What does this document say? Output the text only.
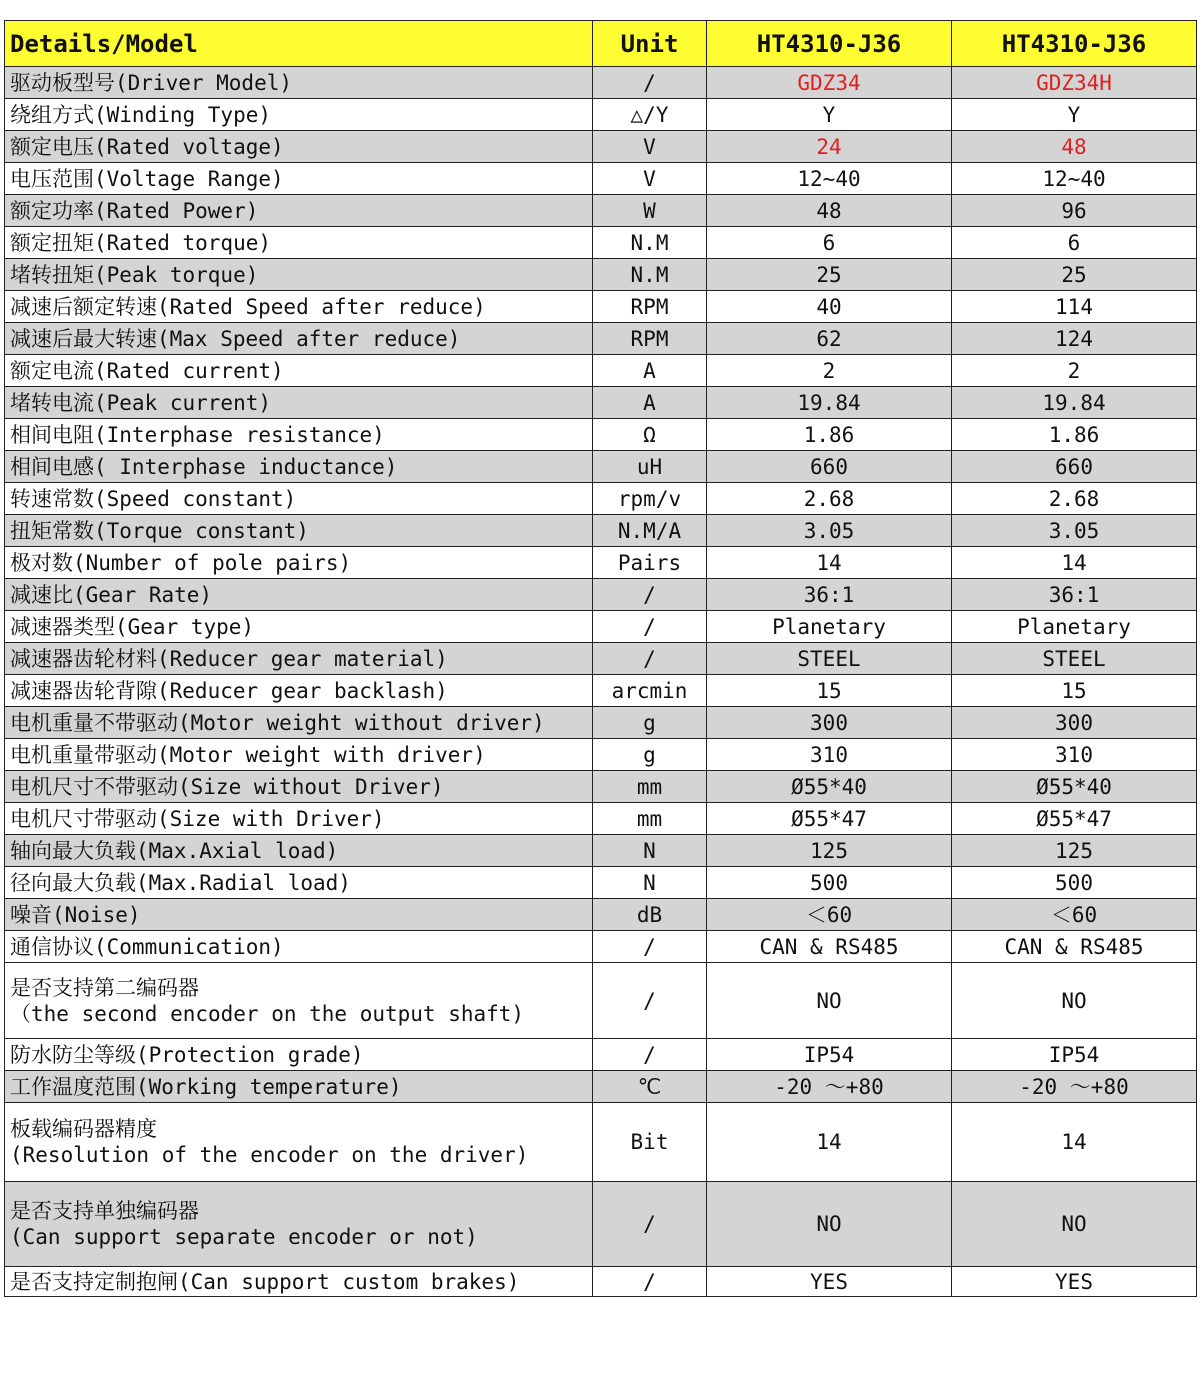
Details/Model	Unit	HT4310-J36	HT4310-J36
驱动板型号(Driver Model)	/	GDZ34	GDZ34H
绕组方式(Winding Type)	△/Y	Y	Y
额定电压(Rated voltage)	V	24	48
电压范围(Voltage Range)	V	12~40	12~40
额定功率(Rated Power)	W	48	96
额定扭矩(Rated torque)	N.M	6	6
堵转扭矩(Peak torque)	N.M	25	25
减速后额定转速(Rated Speed after reduce)	RPM	40	114
减速后最大转速(Max Speed after reduce)	RPM	62	124
额定电流(Rated current)	A	2	2
堵转电流(Peak current)	A	19.84	19.84
相间电阻(Interphase resistance)	Ω	1.86	1.86
相间电感( Interphase inductance)	uH	660	660
转速常数(Speed constant)	rpm/v	2.68	2.68
扭矩常数(Torque constant)	N.M/A	3.05	3.05
极对数(Number of pole pairs)	Pairs	14	14
减速比(Gear Rate)	/	36:1	36:1
减速器类型(Gear type)	/	Planetary	Planetary
减速器齿轮材料(Reducer gear material)	/	STEEL	STEEL
减速器齿轮背隙(Reducer gear backlash)	arcmin	15	15
电机重量不带驱动(Motor weight without driver)	g	300	300
电机重量带驱动(Motor weight with driver)	g	310	310
电机尺寸不带驱动(Size without Driver)	mm	Ø55*40	Ø55*40
电机尺寸带驱动(Size with Driver)	mm	Ø55*47	Ø55*47
轴向最大负载(Max.Axial load)	N	125	125
径向最大负载(Max.Radial load)	N	500	500
噪音(Noise)	dB	＜60	＜60
通信协议(Communication)	/	CAN & RS485	CAN & RS485

是否支持第二编码器
（the second encoder on the output shaft)	/	NO	NO
防水防尘等级(Protection grade)	/	IP54	IP54
工作温度范围(Working temperature)	℃	-20 ～+80	-20 ～+80

板载编码器精度
(Resolution of the encoder on the driver)	Bit	14	14

是否支持单独编码器
(Can support separate encoder or not)	/	NO	NO
是否支持定制抱闸(Can support custom brakes)	/	YES	YES
